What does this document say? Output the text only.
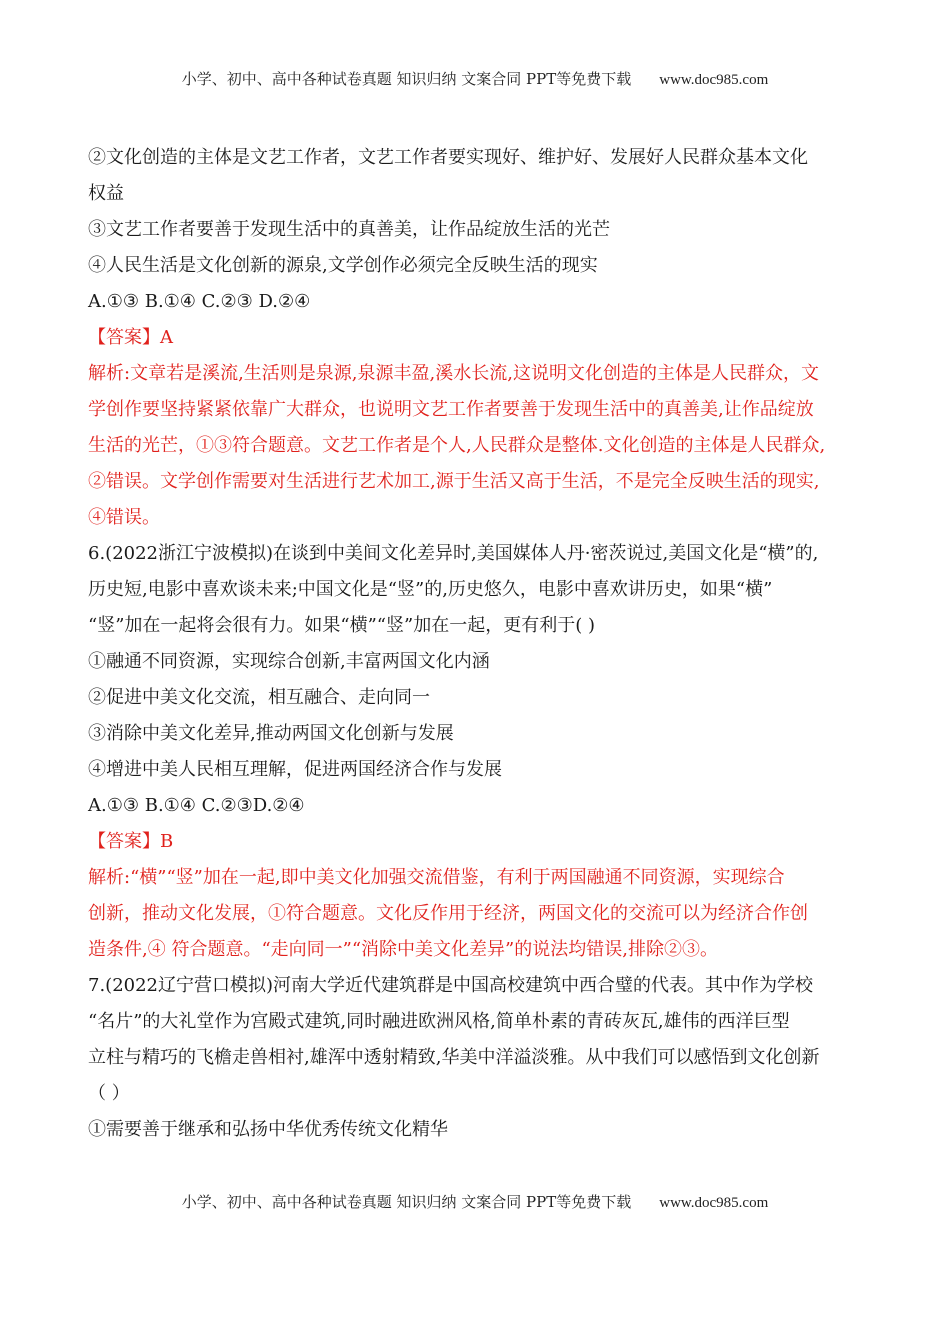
小学、初中、高中各种试卷真题 知识归纳 文案合同 PPT等免费下载 www.doc985.com
②文化创造的主体是文艺工作者，文艺工作者要实现好、维护好、发展好人民群众基本文化
权益
③文艺工作者要善于发现生活中的真善美，让作品绽放生活的光芒
④人民生活是文化创新的源泉,文学创作必须完全反映生活的现实
A.①③ B.①④ C.②③ D.②④
【答案】A
解析:文章若是溪流,生活则是泉源,泉源丰盈,溪水长流,这说明文化创造的主体是人民群众，文
学创作要坚持紧紧依靠广大群众，也说明文艺工作者要善于发现生活中的真善美,让作品绽放
生活的光芒，①③符合题意。文艺工作者是个人,人民群众是整体.文化创造的主体是人民群众,
②错误。文学创作需要对生活进行艺术加工,源于生活又高于生活，不是完全反映生活的现实,
④错误。
6.(2022浙江宁波模拟)在谈到中美间文化差异时,美国媒体人丹·密茨说过,美国文化是“横”的,
历史短,电影中喜欢谈未来;中国文化是“竖”的,历史悠久，电影中喜欢讲历史，如果“横”
“竖”加在一起将会很有力。如果“横”“竖”加在一起，更有利于( )
①融通不同资源，实现综合创新,丰富两国文化内涵
②促进中美文化交流，相互融合、走向同一
③消除中美文化差异,推动两国文化创新与发展
④增进中美人民相互理解，促进两国经济合作与发展
A.①③ B.①④ C.②③D.②④
【答案】B
解析:“横”“竖”加在一起,即中美文化加强交流借鉴，有利于两国融通不同资源，实现综合
创新，推动文化发展，①符合题意。文化反作用于经济，两国文化的交流可以为经济合作创
造条件,④ 符合题意。“走向同一”“消除中美文化差异”的说法均错误,排除②③。
7.(2022辽宁营口模拟)河南大学近代建筑群是中国高校建筑中西合璧的代表。其中作为学校
“名片”的大礼堂作为宫殿式建筑,同时融进欧洲风格,简单朴素的青砖灰瓦,雄伟的西洋巨型
立柱与精巧的飞檐走兽相衬,雄浑中透射精致,华美中洋溢淡雅。从中我们可以感悟到文化创新
（ ）
①需要善于继承和弘扬中华优秀传统文化精华
小学、初中、高中各种试卷真题 知识归纳 文案合同 PPT等免费下载 www.doc985.com
